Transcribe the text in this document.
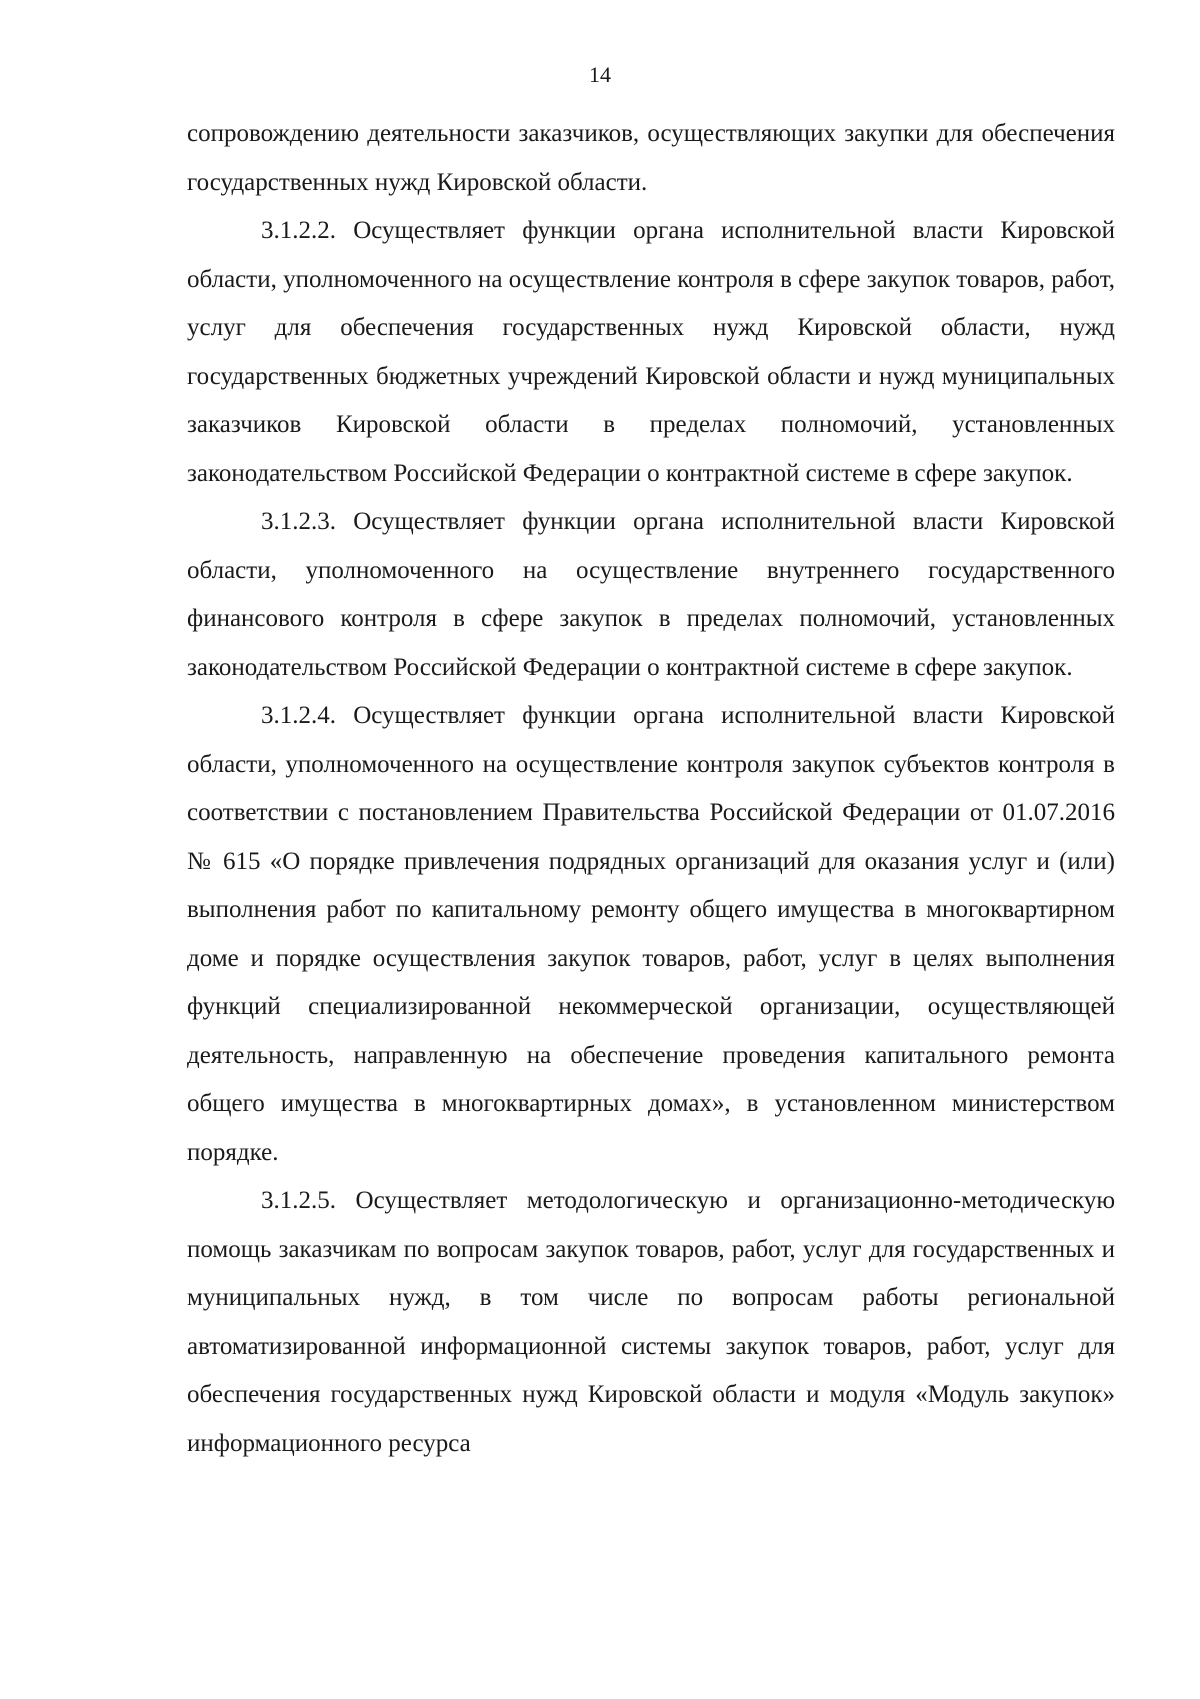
14

сопровождению деятельности заказчиков, осуществляющих закупки для обеспечения государственных нужд Кировской области.

3.1.2.2. Осуществляет функции органа исполнительной власти Кировской области, уполномоченного на осуществление контроля в сфере закупок товаров, работ, услуг для обеспечения государственных нужд Кировской области, нужд государственных бюджетных учреждений Кировской области и нужд муниципальных заказчиков Кировской области в пределах полномочий, установленных законодательством Российской Федерации о контрактной системе в сфере закупок.

3.1.2.3. Осуществляет функции органа исполнительной власти Кировской области, уполномоченного на осуществление внутреннего государственного финансового контроля в сфере закупок в пределах полномочий, установленных законодательством Российской Федерации о контрактной системе в сфере закупок.

3.1.2.4. Осуществляет функции органа исполнительной власти Кировской области, уполномоченного на осуществление контроля закупок субъектов контроля в соответствии с постановлением Правительства Российской Федерации от 01.07.2016 № 615 «О порядке привлечения подрядных организаций для оказания услуг и (или) выполнения работ по капитальному ремонту общего имущества в многоквартирном доме и порядке осуществления закупок товаров, работ, услуг в целях выполнения функций специализированной некоммерческой организации, осуществляющей деятельность, направленную на обеспечение проведения капитального ремонта общего имущества в многоквартирных домах», в установленном министерством порядке.

3.1.2.5. Осуществляет методологическую и организационно-методическую помощь заказчикам по вопросам закупок товаров, работ, услуг для государственных и муниципальных нужд, в том числе по вопросам работы региональной автоматизированной информационной системы закупок товаров, работ, услуг для обеспечения государственных нужд Кировской области и модуля «Модуль закупок» информационного ресурса
